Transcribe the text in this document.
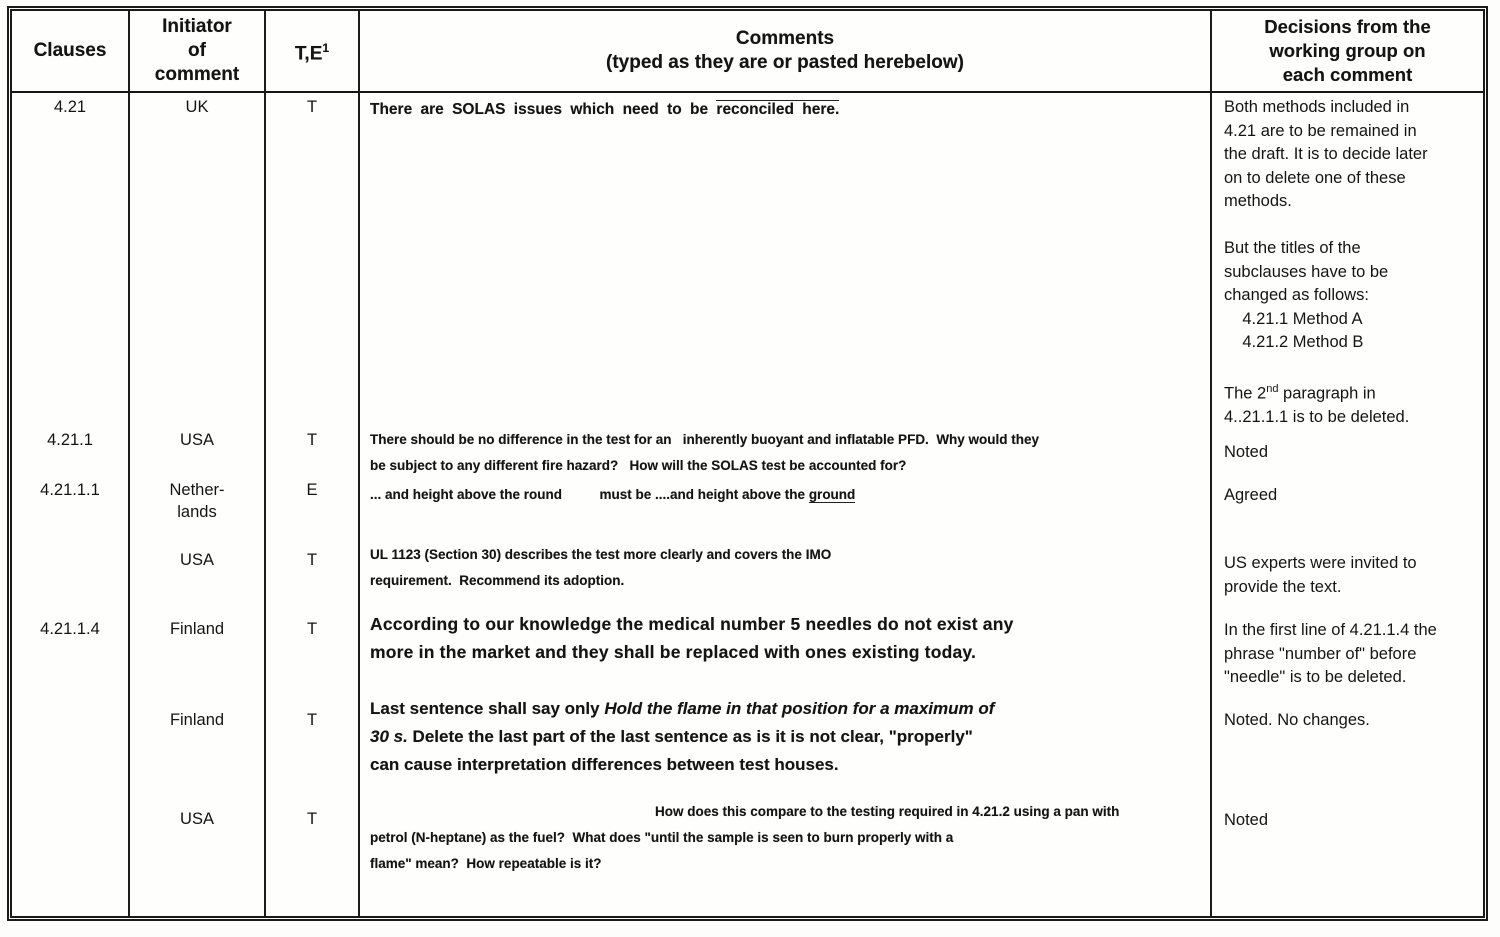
Clauses
Initiator
of
comment
$T,E^1$	Comments
(typed as they are or pasted herebelow)
Decisions from the
working group on
each comment
4.21
4.21.1
4.21.1.1
4.21.1.4
UK
USA
Nether-
lands
USA
Finland
Finland
USA
T
T
E
T
T
T
T
There are SOLAS issues which need to be reconciled here.
There should be no difference in the test for an   inherently buoyant and inflatable PFD.  Why would they
be subject to any different fire hazard?   How will the SOLAS test be accounted for?
... and height above the round          must be ....and height above the ground
UL 1123 (Section 30) describes the test more clearly and covers the IMO
requirement.  Recommend its adoption.
According to our knowledge the medical number 5 needles do not exist any
more in the market and they shall be replaced with ones existing today.
Last sentence shall say only Hold the flame in that position for a maximum of
30 s. Delete the last part of the last sentence as is it is not clear, "properly"
can cause interpretation differences between test houses.
How does this compare to the testing required in 4.21.2 using a pan with
petrol (N-heptane) as the fuel?  What does "until the sample is seen to burn properly with a
flame" mean?  How repeatable is it?
Both methods included in
4.21 are to be remained in
the draft. It is to decide later
on to delete one of these
methods.

But the titles of the
subclauses have to be
changed as follows:
4.21.1 Method A
4.21.2 Method B

The 2nd paragraph in
4..21.1.1 is to be deleted.
Noted
Agreed
US experts were invited to
provide the text.
In the first line of 4.21.1.4 the
phrase "number of" before
"needle" is to be deleted.
Noted. No changes.
Noted
